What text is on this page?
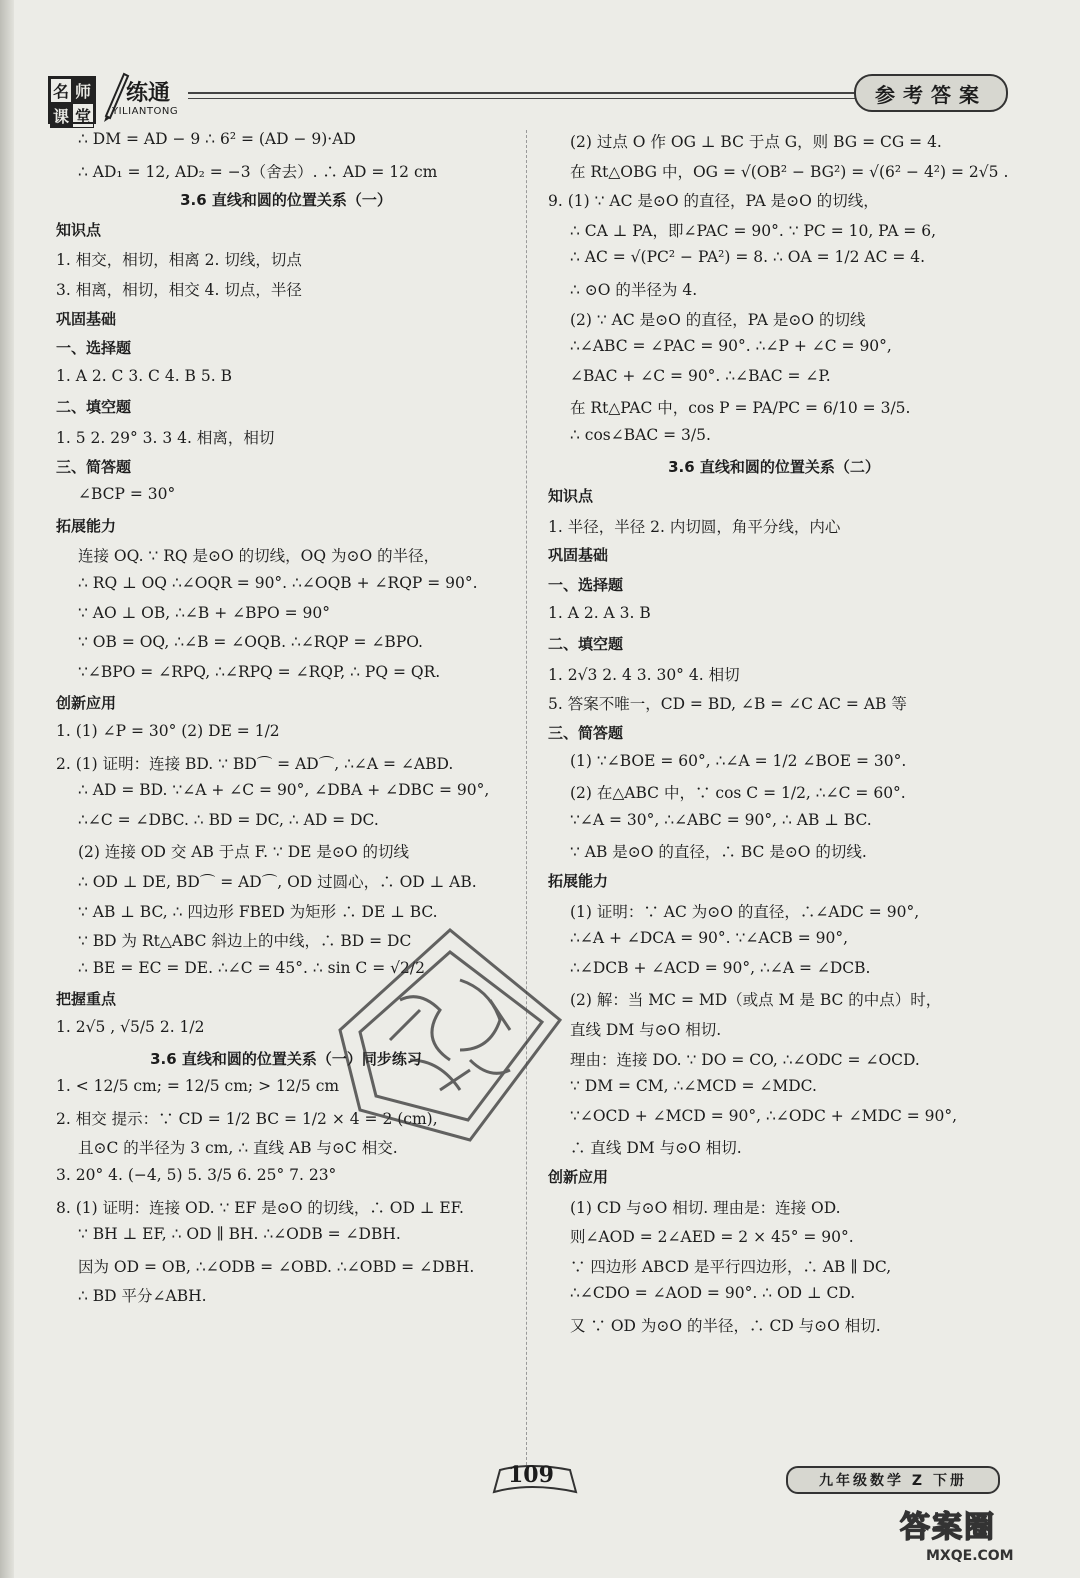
名 师
课 堂
练通
YILIANTONG
参考答案
∴ DM = AD − 9 ∴ 6² = (AD − 9)·AD
∴ AD₁ = 12, AD₂ = −3（舍去）. ∴ AD = 12 cm
3.6 直线和圆的位置关系（一）
知识点
1. 相交，相切，相离 2. 切线，切点
3. 相离，相切，相交 4. 切点，半径
巩固基础
一、选择题
1. A 2. C 3. C 4. B 5. B
二、填空题
1. 5 2. 29° 3. 3 4. 相离，相切
三、简答题
∠BCP = 30°
拓展能力
连接 OQ. ∵ RQ 是⊙O 的切线，OQ 为⊙O 的半径，
∴ RQ ⊥ OQ ∴∠OQR = 90°. ∴∠OQB + ∠RQP = 90°.
∵ AO ⊥ OB, ∴∠B + ∠BPO = 90°
∵ OB = OQ, ∴∠B = ∠OQB. ∴∠RQP = ∠BPO.
∵∠BPO = ∠RPQ, ∴∠RPQ = ∠RQP, ∴ PQ = QR.
创新应用
1. (1) ∠P = 30° (2) DE = 1/2
2. (1) 证明：连接 BD. ∵ BD⌒ = AD⌒, ∴∠A = ∠ABD.
∴ AD = BD. ∵∠A + ∠C = 90°, ∠DBA + ∠DBC = 90°,
∴∠C = ∠DBC. ∴ BD = DC, ∴ AD = DC.
(2) 连接 OD 交 AB 于点 F. ∵ DE 是⊙O 的切线
∴ OD ⊥ DE, BD⌒ = AD⌒, OD 过圆心，∴ OD ⊥ AB.
∵ AB ⊥ BC, ∴ 四边形 FBED 为矩形 ∴ DE ⊥ BC.
∵ BD 为 Rt△ABC 斜边上的中线，∴ BD = DC
∴ BE = EC = DE. ∴∠C = 45°. ∴ sin C = √2/2
把握重点
1. 2√5 , √5/5 2. 1/2
3.6 直线和圆的位置关系（一）同步练习
1. < 12/5 cm; = 12/5 cm; > 12/5 cm
2. 相交 提示：∵ CD = 1/2 BC = 1/2 × 4 = 2 (cm),
且⊙C 的半径为 3 cm, ∴ 直线 AB 与⊙C 相交.
3. 20° 4. (−4, 5) 5. 3/5 6. 25° 7. 23°
8. (1) 证明：连接 OD. ∵ EF 是⊙O 的切线，∴ OD ⊥ EF.
∵ BH ⊥ EF, ∴ OD ∥ BH. ∴∠ODB = ∠DBH.
因为 OD = OB, ∴∠ODB = ∠OBD. ∴∠OBD = ∠DBH.
∴ BD 平分∠ABH.
(2) 过点 O 作 OG ⊥ BC 于点 G，则 BG = CG = 4.
在 Rt△OBG 中，OG = √(OB² − BG²) = √(6² − 4²) = 2√5 .
9. (1) ∵ AC 是⊙O 的直径，PA 是⊙O 的切线，
∴ CA ⊥ PA，即∠PAC = 90°. ∵ PC = 10, PA = 6,
∴ AC = √(PC² − PA²) = 8. ∴ OA = 1/2 AC = 4.
∴ ⊙O 的半径为 4.
(2) ∵ AC 是⊙O 的直径，PA 是⊙O 的切线
∴∠ABC = ∠PAC = 90°. ∴∠P + ∠C = 90°,
∠BAC + ∠C = 90°. ∴∠BAC = ∠P.
在 Rt△PAC 中，cos P = PA/PC = 6/10 = 3/5.
∴ cos∠BAC = 3/5.
3.6 直线和圆的位置关系（二）
知识点
1. 半径，半径 2. 内切圆，角平分线，内心
巩固基础
一、选择题
1. A 2. A 3. B
二、填空题
1. 2√3 2. 4 3. 30° 4. 相切
5. 答案不唯一，CD = BD, ∠B = ∠C AC = AB 等
三、简答题
(1) ∵∠BOE = 60°, ∴∠A = 1/2 ∠BOE = 30°.
(2) 在△ABC 中，∵ cos C = 1/2, ∴∠C = 60°.
∵∠A = 30°, ∴∠ABC = 90°, ∴ AB ⊥ BC.
∵ AB 是⊙O 的直径，∴ BC 是⊙O 的切线.
拓展能力
(1) 证明：∵ AC 为⊙O 的直径，∴∠ADC = 90°,
∴∠A + ∠DCA = 90°. ∵∠ACB = 90°,
∴∠DCB + ∠ACD = 90°, ∴∠A = ∠DCB.
(2) 解：当 MC = MD（或点 M 是 BC 的中点）时，
直线 DM 与⊙O 相切.
理由：连接 DO. ∵ DO = CO, ∴∠ODC = ∠OCD.
∵ DM = CM, ∴∠MCD = ∠MDC.
∵∠OCD + ∠MCD = 90°, ∴∠ODC + ∠MDC = 90°,
∴ 直线 DM 与⊙O 相切.
创新应用
(1) CD 与⊙O 相切. 理由是：连接 OD.
则∠AOD = 2∠AED = 2 × 45° = 90°.
∵ 四边形 ABCD 是平行四边形，∴ AB ∥ DC,
∴∠CDO = ∠AOD = 90°. ∴ OD ⊥ CD.
又 ∵ OD 为⊙O 的半径，∴ CD 与⊙O 相切.
109	九年级数学 Z 下册
答案圈
MXQE.COM
